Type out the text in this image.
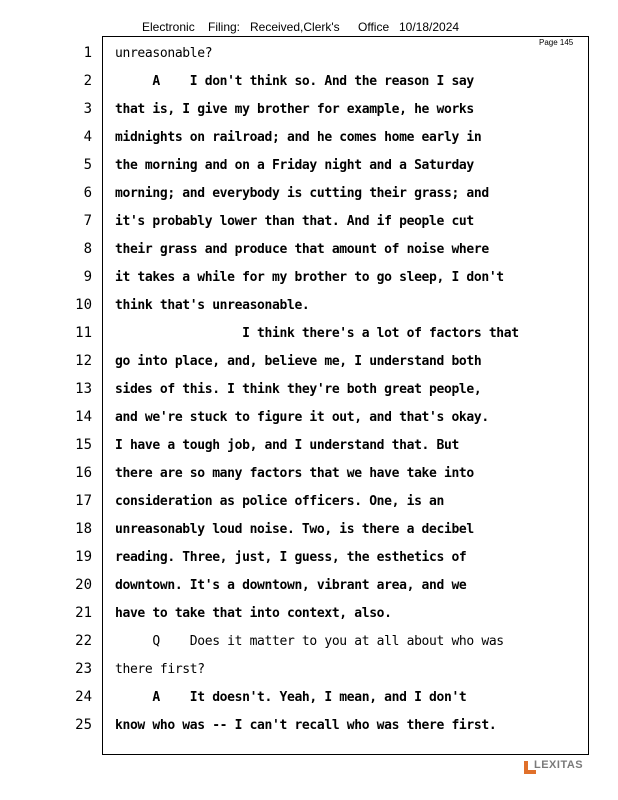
Electronic Filing: Received,Clerk's Office 10/18/2024
Page 145
1 unreasonable?
2 A    I don't think so. And the reason I say
3 that is, I give my brother for example, he works
4 midnights on railroad; and he comes home early in
5 the morning and on a Friday night and a Saturday
6 morning; and everybody is cutting their grass; and
7 it's probably lower than that. And if people cut
8 their grass and produce that amount of noise where
9 it takes a while for my brother to go sleep, I don't
10 think that's unreasonable.
11 I think there's a lot of factors that
12 go into place, and, believe me, I understand both
13 sides of this. I think they're both great people,
14 and we're stuck to figure it out, and that's okay.
15 I have a tough job, and I understand that. But
16 there are so many factors that we have take into
17 consideration as police officers. One, is an
18 unreasonably loud noise. Two, is there a decibel
19 reading. Three, just, I guess, the esthetics of
20 downtown. It's a downtown, vibrant area, and we
21 have to take that into context, also.
22 Q    Does it matter to you at all about who was
23 there first?
24 A    It doesn't. Yeah, I mean, and I don't
25 know who was -- I can't recall who was there first.
LEXITAS
